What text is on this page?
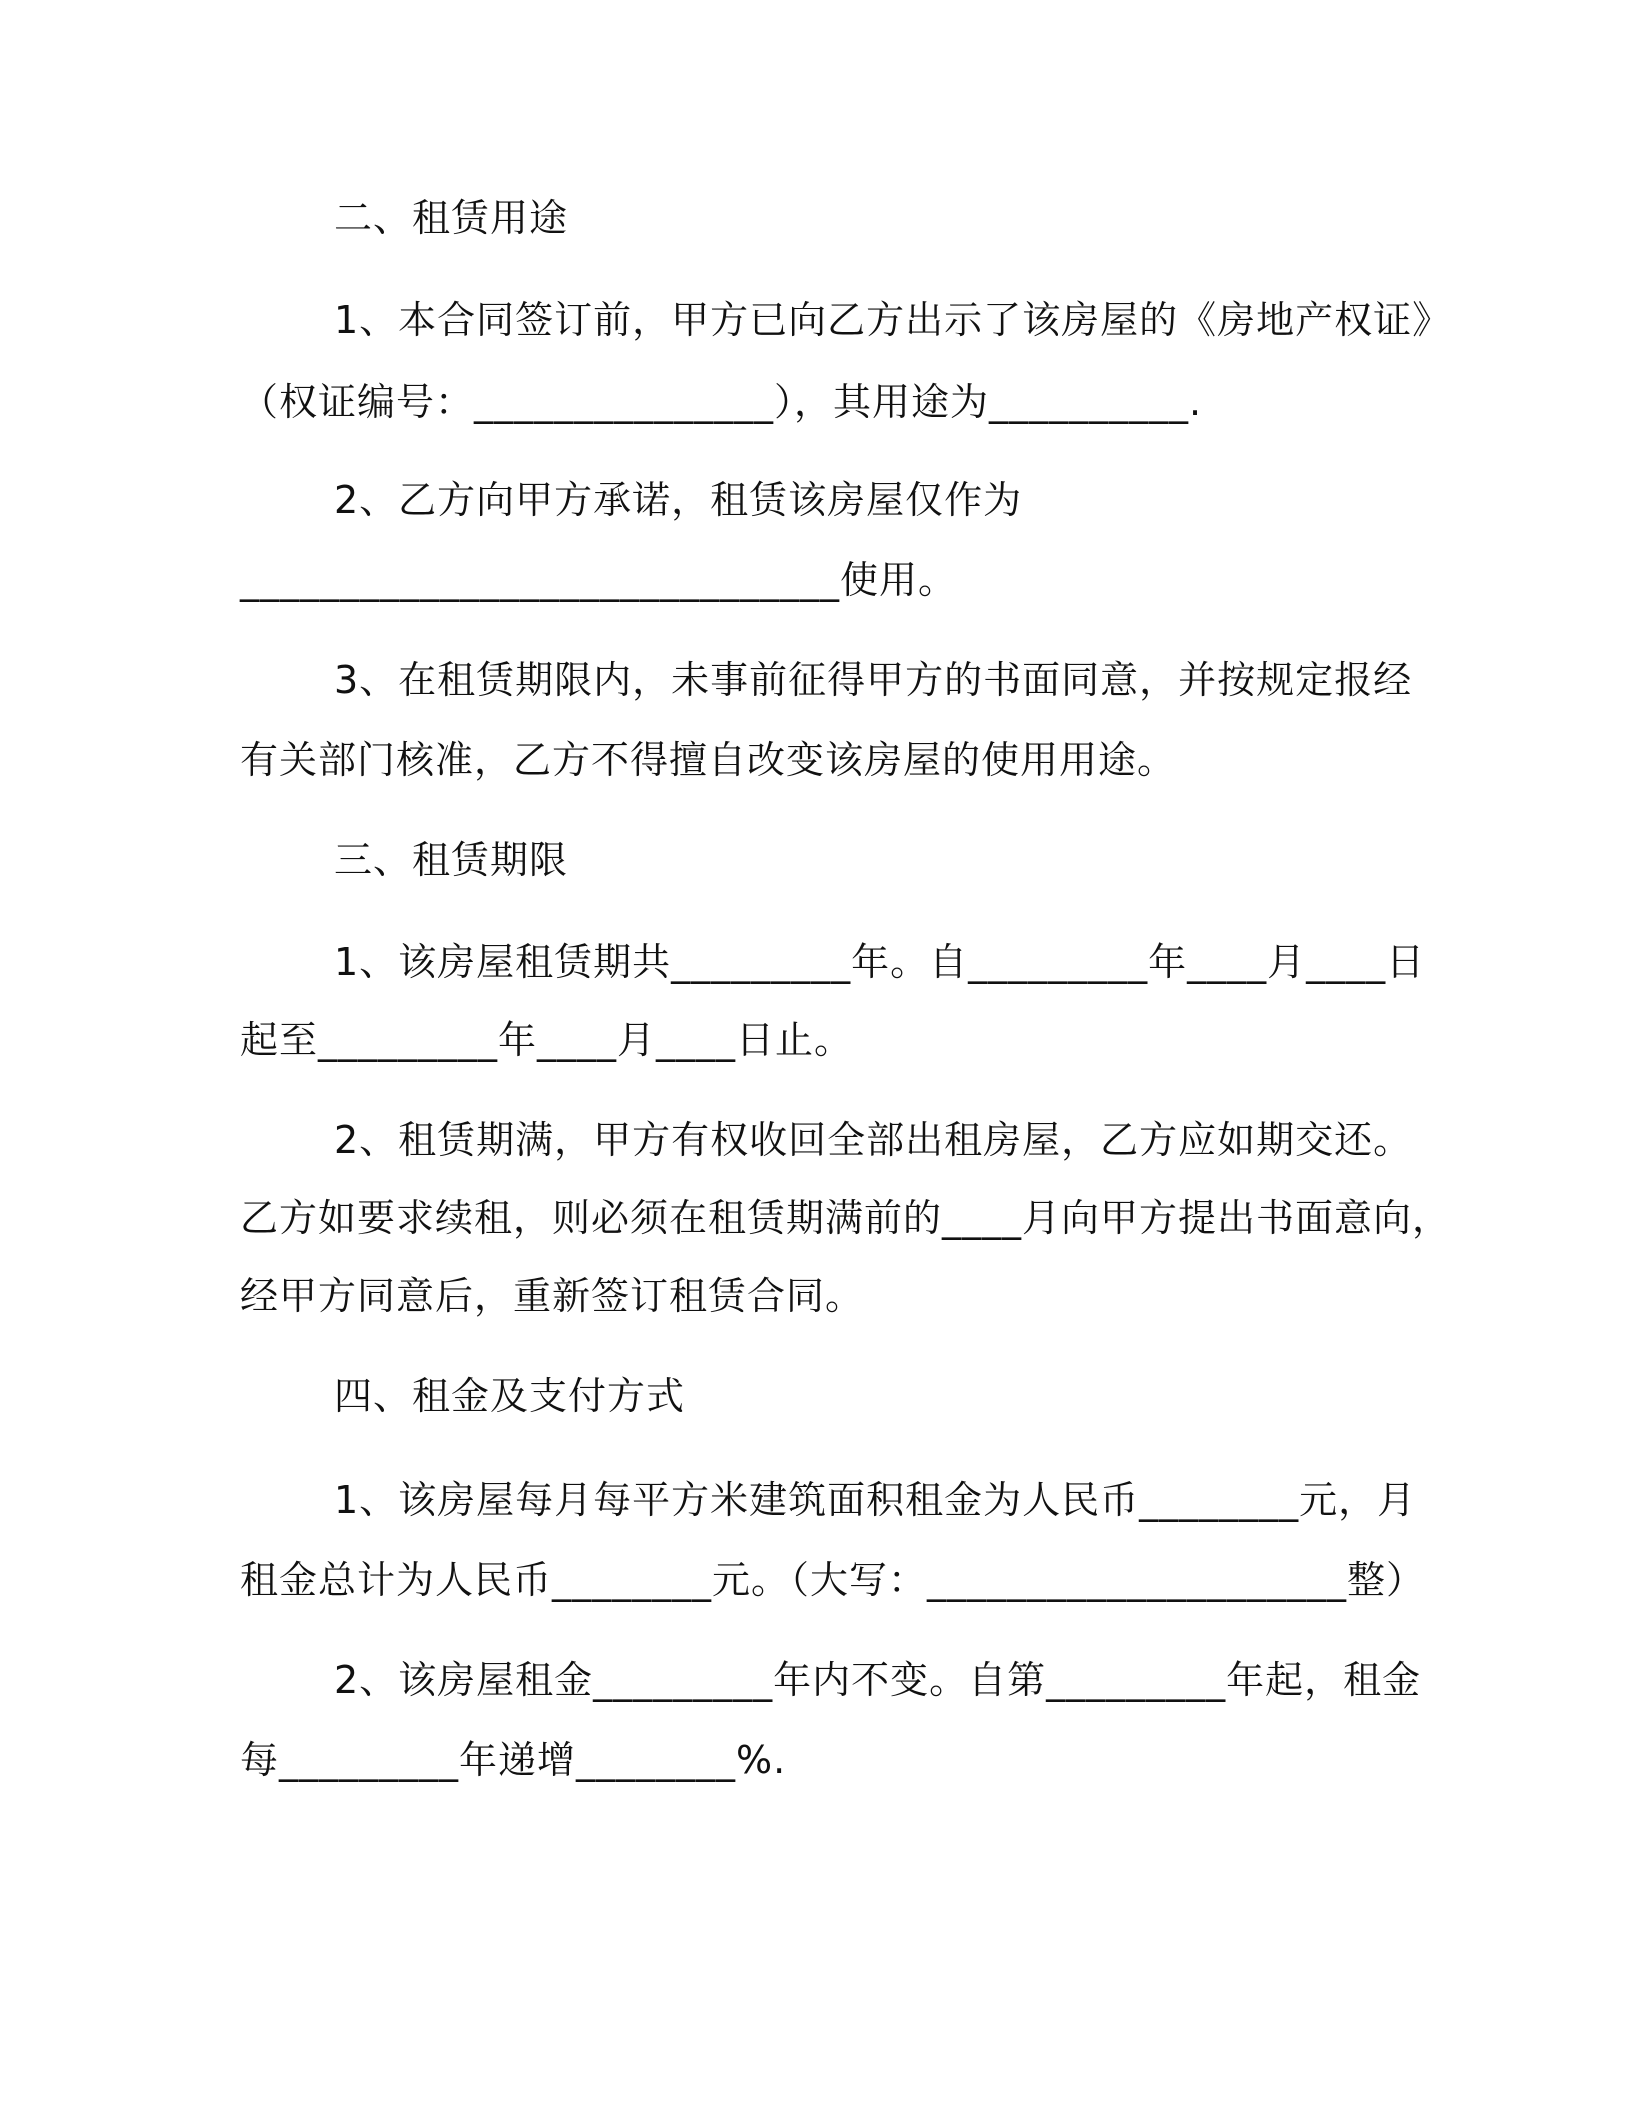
二、租赁用途
1、本合同签订前，甲方已向乙方出示了该房屋的《房地产权证》
（权证编号：_______________），其用途为__________.
2、乙方向甲方承诺，租赁该房屋仅作为
______________________________使用。
3、在租赁期限内，未事前征得甲方的书面同意，并按规定报经
有关部门核准，乙方不得擅自改变该房屋的使用用途。
三、租赁期限
1、该房屋租赁期共_________年。自_________年____月____日
起至_________年____月____日止。
2、租赁期满，甲方有权收回全部出租房屋，乙方应如期交还。
乙方如要求续租，则必须在租赁期满前的____月向甲方提出书面意向，
经甲方同意后，重新签订租赁合同。
四、租金及支付方式
1、该房屋每月每平方米建筑面积租金为人民币________元，月
租金总计为人民币________元。（大写：_____________________整）
2、该房屋租金_________年内不变。自第_________年起，租金
每_________年递增________%.
